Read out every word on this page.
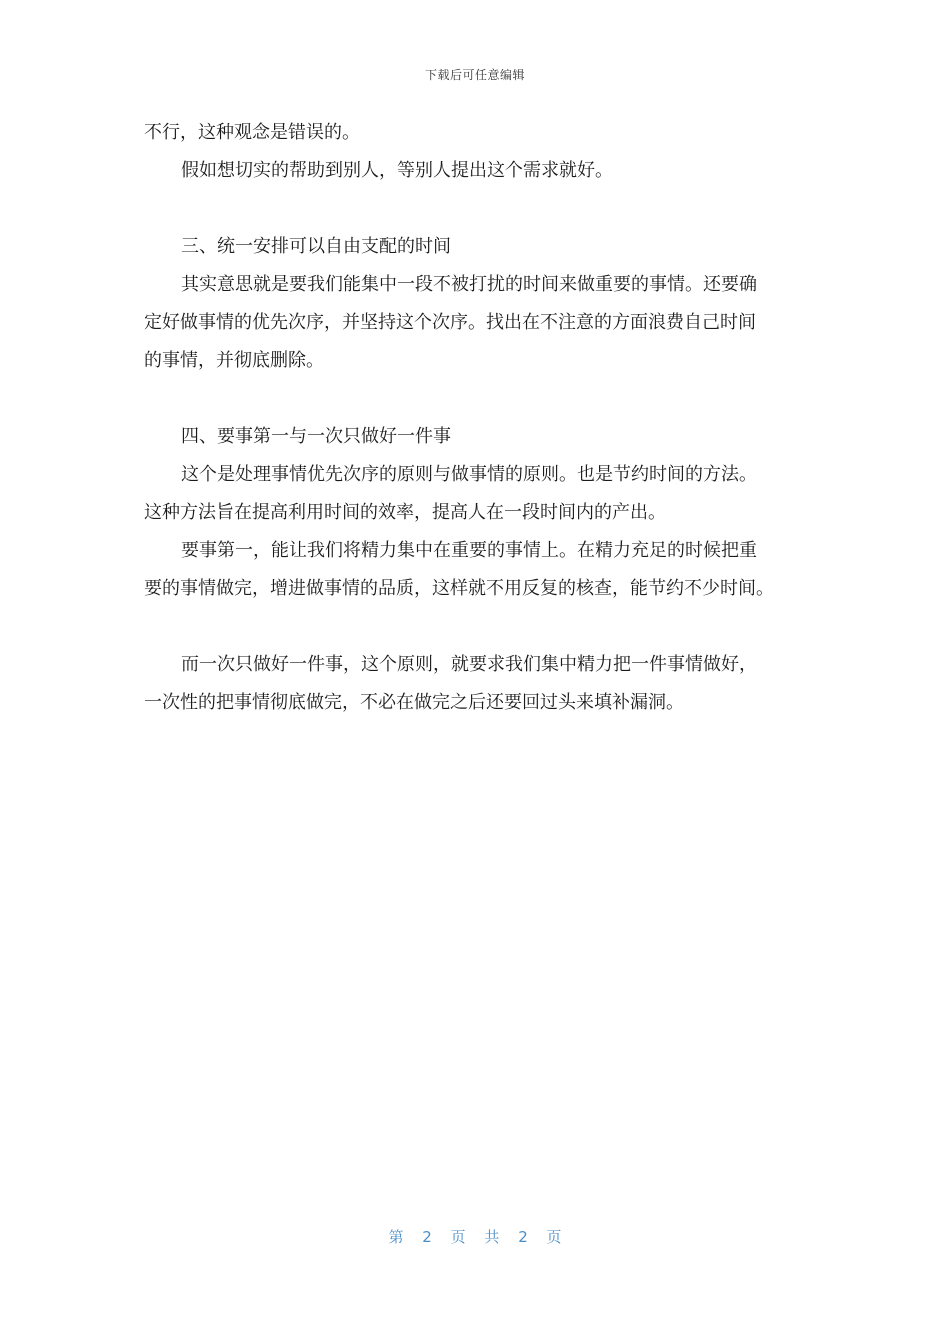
下载后可任意编辑

不行，这种观念是错误的。

假如想切实的帮助到别人，等别人提出这个需求就好。

三、统一安排可以自由支配的时间

其实意思就是要我们能集中一段不被打扰的时间来做重要的事情。还要确

定好做事情的优先次序，并坚持这个次序。找出在不注意的方面浪费自己时间

的事情，并彻底删除。

四、要事第一与一次只做好一件事

这个是处理事情优先次序的原则与做事情的原则。也是节约时间的方法。

这种方法旨在提高利用时间的效率，提高人在一段时间内的产出。

要事第一，能让我们将精力集中在重要的事情上。在精力充足的时候把重

要的事情做完，增进做事情的品质，这样就不用反复的核查，能节约不少时间。

而一次只做好一件事，这个原则，就要求我们集中精力把一件事情做好，

一次性的把事情彻底做完，不必在做完之后还要回过头来填补漏洞。

第 2 页 共 2 页
